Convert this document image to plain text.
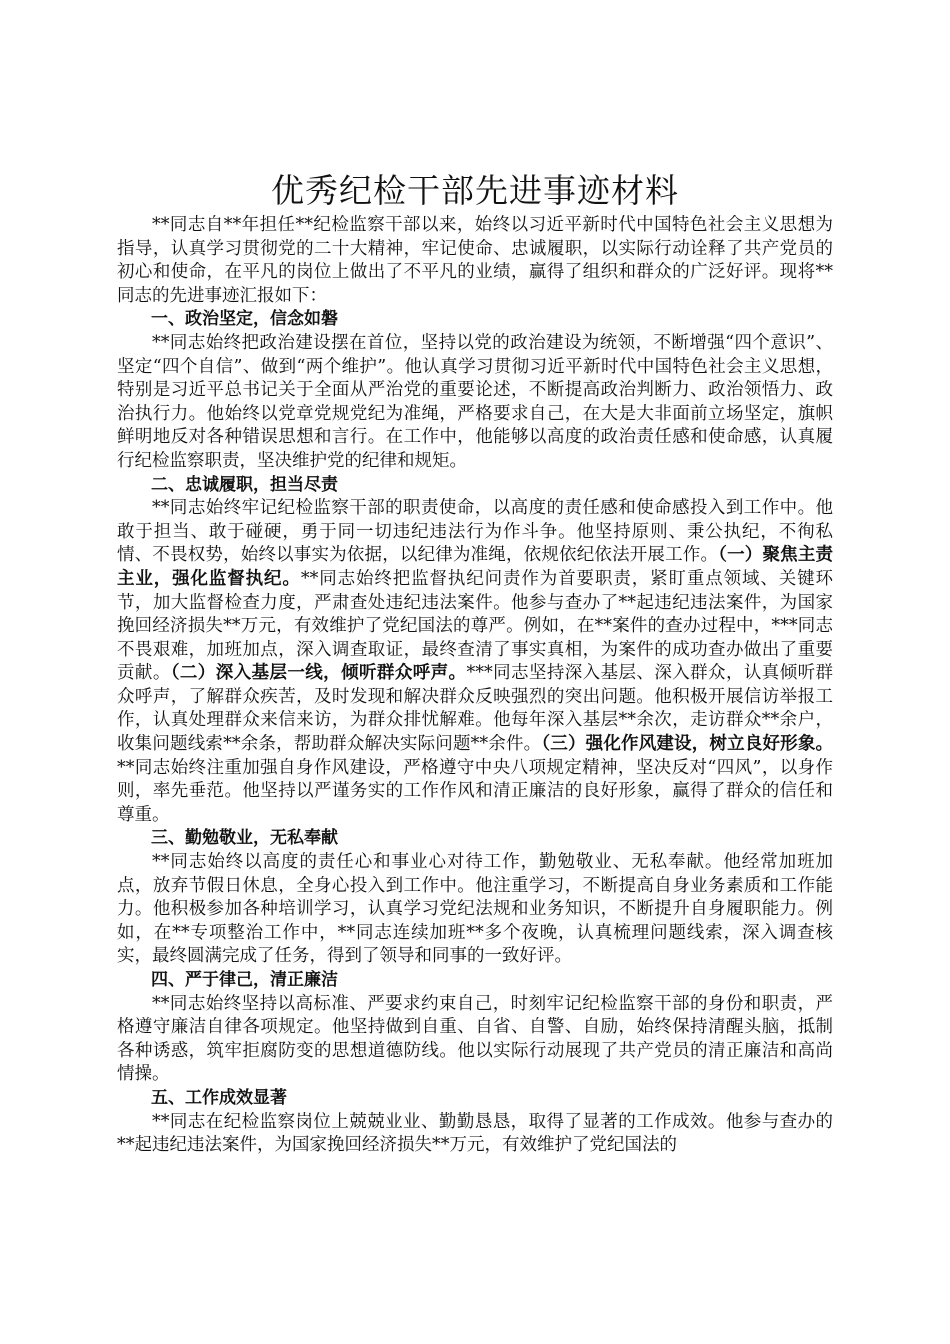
优秀纪检干部先进事迹材料

**同志自**年担任**纪检监察干部以来，始终以习近平新时代中国特色社会主义思想为指导，认真学习贯彻党的二十大精神，牢记使命、忠诚履职，以实际行动诠释了共产党员的初心和使命，在平凡的岗位上做出了不平凡的业绩，赢得了组织和群众的广泛好评。现将**同志的先进事迹汇报如下：

一、政治坚定，信念如磐

**同志始终把政治建设摆在首位，坚持以党的政治建设为统领，不断增强“四个意识”、坚定“四个自信”、做到“两个维护”。他认真学习贯彻习近平新时代中国特色社会主义思想，特别是习近平总书记关于全面从严治党的重要论述，不断提高政治判断力、政治领悟力、政治执行力。他始终以党章党规党纪为准绳，严格要求自己，在大是大非面前立场坚定，旗帜鲜明地反对各种错误思想和言行。在工作中，他能够以高度的政治责任感和使命感，认真履行纪检监察职责，坚决维护党的纪律和规矩。

二、忠诚履职，担当尽责

**同志始终牢记纪检监察干部的职责使命，以高度的责任感和使命感投入到工作中。他敢于担当、敢于碰硬，勇于同一切违纪违法行为作斗争。他坚持原则、秉公执纪，不徇私情、不畏权势，始终以事实为依据，以纪律为准绳，依规依纪依法开展工作。（一）聚焦主责主业，强化监督执纪。**同志始终把监督执纪问责作为首要职责，紧盯重点领域、关键环节，加大监督检查力度，严肃查处违纪违法案件。他参与查办了**起违纪违法案件，为国家挽回经济损失**万元，有效维护了党纪国法的尊严。例如，在**案件的查办过程中，***同志不畏艰难，加班加点，深入调查取证，最终查清了事实真相，为案件的成功查办做出了重要贡献。（二）深入基层一线，倾听群众呼声。***同志坚持深入基层、深入群众，认真倾听群众呼声，了解群众疾苦，及时发现和解决群众反映强烈的突出问题。他积极开展信访举报工作，认真处理群众来信来访，为群众排忧解难。他每年深入基层**余次，走访群众**余户，收集问题线索**余条，帮助群众解决实际问题**余件。（三）强化作风建设，树立良好形象。**同志始终注重加强自身作风建设，严格遵守中央八项规定精神，坚决反对“四风”，以身作则，率先垂范。他坚持以严谨务实的工作作风和清正廉洁的良好形象，赢得了群众的信任和尊重。

三、勤勉敬业，无私奉献

**同志始终以高度的责任心和事业心对待工作，勤勉敬业、无私奉献。他经常加班加点，放弃节假日休息，全身心投入到工作中。他注重学习，不断提高自身业务素质和工作能力。他积极参加各种培训学习，认真学习党纪法规和业务知识，不断提升自身履职能力。例如，在**专项整治工作中，**同志连续加班**多个夜晚，认真梳理问题线索，深入调查核实，最终圆满完成了任务，得到了领导和同事的一致好评。

四、严于律己，清正廉洁

**同志始终坚持以高标准、严要求约束自己，时刻牢记纪检监察干部的身份和职责，严格遵守廉洁自律各项规定。他坚持做到自重、自省、自警、自励，始终保持清醒头脑，抵制各种诱惑，筑牢拒腐防变的思想道德防线。他以实际行动展现了共产党员的清正廉洁和高尚情操。

五、工作成效显著

**同志在纪检监察岗位上兢兢业业、勤勤恳恳，取得了显著的工作成效。他参与查办的**起违纪违法案件，为国家挽回经济损失**万元，有效维护了党纪国法的
